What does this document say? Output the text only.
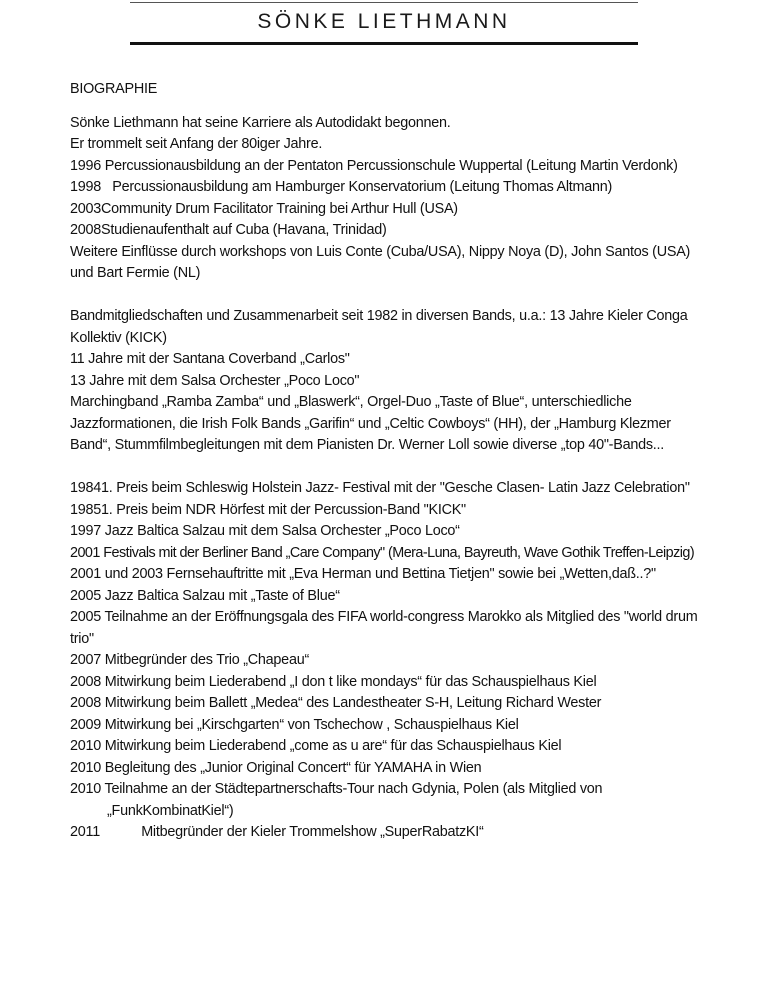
SÖNKE LIETHMANN

BIOGRAPHIE

Sönke Liethmann hat seine Karriere als Autodidakt begonnen.

Er trommelt seit Anfang der 80iger Jahre.

1996 Percussionausbildung an der Pentaton Percussionschule Wuppertal (Leitung Martin Verdonk)

1998 Percussionausbildung am Hamburger Konservatorium (Leitung Thomas Altmann)

2003Community Drum Facilitator Training bei Arthur Hull (USA)

2008Studienaufenthalt auf Cuba (Havana, Trinidad)

Weitere Einflüsse durch workshops von Luis Conte (Cuba/USA), Nippy Noya (D), John Santos (USA) und Bart Fermie (NL)

Bandmitgliedschaften und Zusammenarbeit seit 1982 in diversen Bands, u.a.: 13 Jahre Kieler Conga Kollektiv (KICK)

11 Jahre mit der Santana Coverband „Carlos"

13 Jahre mit dem Salsa Orchester „Poco Loco"

Marchingband „Ramba Zamba“ und „Blaswerk“, Orgel-Duo „Taste of Blue“, unterschiedliche Jazzformationen, die Irish Folk Bands „Garifin“ und „Celtic Cowboys“ (HH), der „Hamburg Klezmer Band“, Stummfilmbegleitungen mit dem Pianisten Dr. Werner Loll sowie diverse „top 40"-Bands...

19841. Preis beim Schleswig Holstein Jazz- Festival mit der "Gesche Clasen- Latin Jazz Celebration"

19851. Preis beim NDR Hörfest mit der Percussion-Band "KICK"

1997 Jazz Baltica Salzau mit dem Salsa Orchester „Poco Loco“

2001 Festivals mit der Berliner Band „Care Company" (Mera-Luna, Bayreuth, Wave Gothik Treffen-Leipzig)

2001 und 2003 Fernsehauftritte mit „Eva Herman und Bettina Tietjen" sowie bei „Wetten,daß..?"

2005 Jazz Baltica Salzau mit „Taste of Blue“

2005 Teilnahme an der Eröffnungsgala des FIFA world-congress Marokko als Mitglied des "world drum trio"

2007 Mitbegründer des Trio „Chapeau“

2008 Mitwirkung beim Liederabend „I don t like mondays“ für das Schauspielhaus Kiel

2008 Mitwirkung beim Ballett „Medea“ des Landestheater S-H, Leitung Richard Wester

2009 Mitwirkung bei „Kirschgarten“ von Tschechow , Schauspielhaus Kiel

2010 Mitwirkung beim Liederabend „come as u are“ für das Schauspielhaus Kiel

2010 Begleitung des „Junior Original Concert“ für YAMAHA in Wien

2010 Teilnahme an der Städtepartnerschafts-Tour nach Gdynia, Polen (als Mitglied von „FunkKombinatKiel“)

2011	Mitbegründer der Kieler Trommelshow „SuperRabatzKI“
